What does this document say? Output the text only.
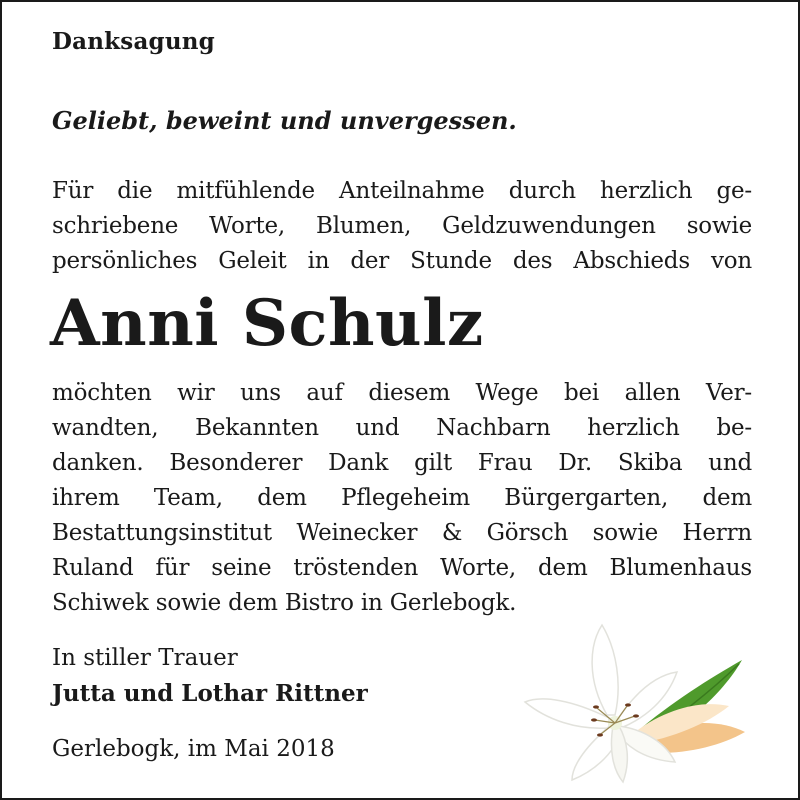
Danksagung
Geliebt, beweint und unvergessen.
Für die mitfühlende Anteilnahme durch herzlich ge-
schriebene Worte, Blumen, Geldzuwendungen sowie
persönliches Geleit in der Stunde des Abschieds von
Anni Schulz
möchten wir uns auf diesem Wege bei allen Ver-
wandten, Bekannten und Nachbarn herzlich be-
danken. Besonderer Dank gilt Frau Dr. Skiba und
ihrem Team, dem Pflegeheim Bürgergarten, dem
Bestattungsinstitut Weinecker & Görsch sowie Herrn
Ruland für seine tröstenden Worte, dem Blumenhaus
Schiwek sowie dem Bistro in Gerlebogk.
In stiller Trauer
Jutta und Lothar Rittner
Gerlebogk, im Mai 2018
